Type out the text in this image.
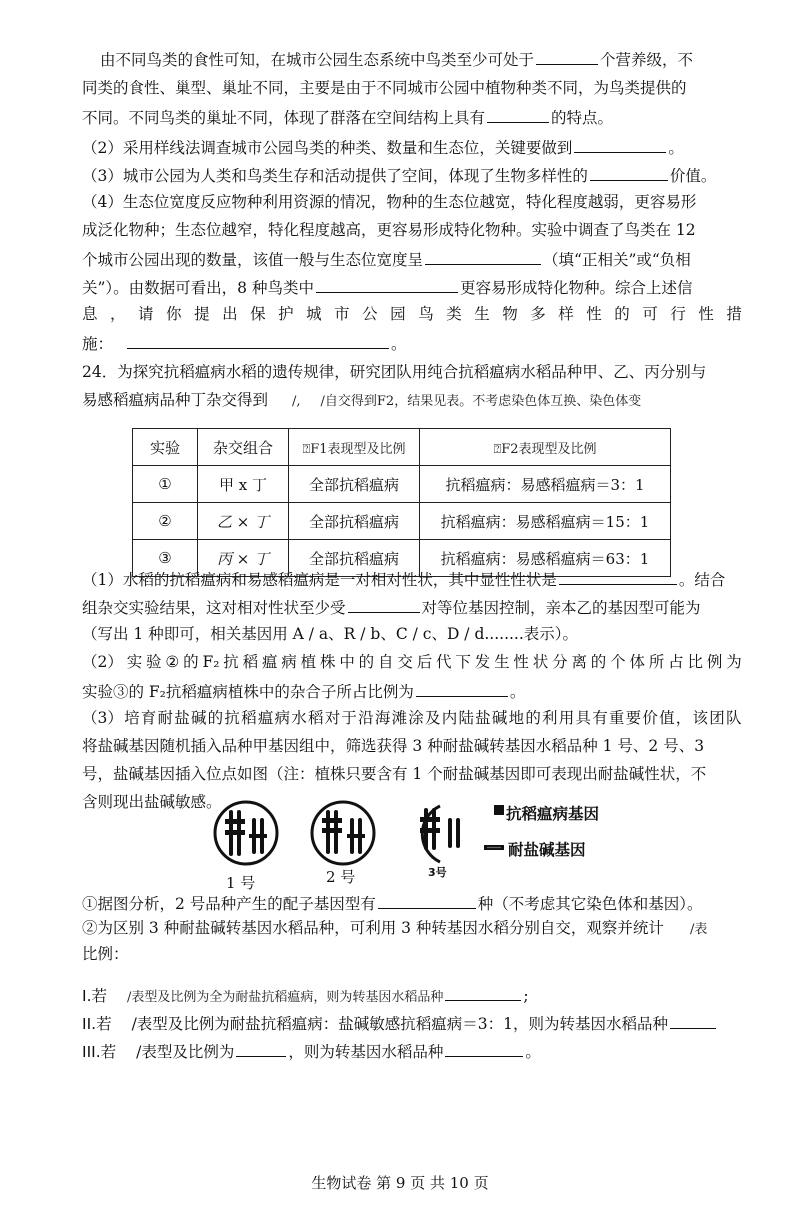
由不同鸟类的食性可知，在城市公园生态系统中鸟类至少可处于	个营养级，不
同类的食性、巢型、巢址不同，主要是由于不同城市公园中植物种类不同，为鸟类提供的
不同。不同鸟类的巢址不同，体现了群落在空间结构上具有	的特点。
（2）采用样线法调查城市公园鸟类的种类、数量和生态位，关键要做到	。
（3）城市公园为人类和鸟类生存和活动提供了空间，体现了生物多样性的	价值。
（4）生态位宽度反应物种利用资源的情况，物种的生态位越宽，特化程度越弱，更容易形
成泛化物种；生态位越窄，特化程度越高，更容易形成特化物种。实验中调查了鸟类在 12
个城市公园出现的数量，该值一般与生态位宽度呈	（填“正相关”或“负相
关”）。由数据可看出，8 种鸟类中	更容易形成特化物种。综合上述信
息 ， 请 你 提 出 保 护 城 市 公 园 鸟 类 生 物 多 样 性 的 可 行 性 措
施：	。
24．为探究抗稻瘟病水稻的遗传规律，研究团队用纯合抗稻瘟病水稻品种甲、乙、丙分别与
易感稻瘟病品种丁杂交得到 /, /自交得到F2，结果见表。不考虑染色体互换、染色体变
实验	杂交组合	⍰F1表现型及比例	⍰F2表现型及比例
①	甲 x 丁	全部抗稻瘟病	抗稻瘟病：易感稻瘟病＝3：1
②	乙 × 丁	全部抗稻瘟病	抗稻瘟病：易感稻瘟病＝15：1
③	丙 × 丁	全部抗稻瘟病	抗稻瘟病：易感稻瘟病＝63：1
（1）水稻的抗稻瘟病和易感稻瘟病是一对相对性状，其中显性性状是	。结合
组杂交实验结果，这对相对性状至少受	对等位基因控制，亲本乙的基因型可能为
（写出 1 种即可，相关基因用 A / a、R / b、C / c、D / d........表示）。
（2） 实 验 ② 的 F₂ 抗 稻 瘟 病 植 株 中 的 自 交 后 代 下 发 生 性 状 分 离 的 个 体 所 占 比 例 为
实验③的 F₂抗稻瘟病植株中的杂合子所占比例为	。
（3） 培 育 耐 盐 碱 的 抗 稻 瘟 病 水 稻 对 于 沿 海 滩 涂 及 内 陆 盐 碱 地 的 利 用 具 有 重 要 价 值 ， 该 团 队
将盐碱基因随机插入品种甲基因组中，筛选获得 3 种耐盐碱转基因水稻品种 1 号、2 号、3
号，盐碱基因插入位点如图（注：植株只要含有 1 个耐盐碱基因即可表现出耐盐碱性状，不
含则现出盐碱敏感。
抗稻瘟病基因
耐盐碱基因
1 号	2 号	3号
①据图分析，2 号品种产生的配子基因型有	种（不考虑其它染色体和基因）。
②为区别 3 种耐盐碱转基因水稻品种，可利用 3 种转基因水稻分别自交，观察并统计 /表
比例：
I.若 /表型及比例为全为耐盐抗稻瘟病，则为转基因水稻品种	;
II.若 /表型及比例为耐盐抗稻瘟病：盐碱敏感抗稻瘟病＝3：1，则为转基因水稻品种
III.若 /表型及比例为	，则为转基因水稻品种	。
生物试卷 第 9 页 共 10 页
